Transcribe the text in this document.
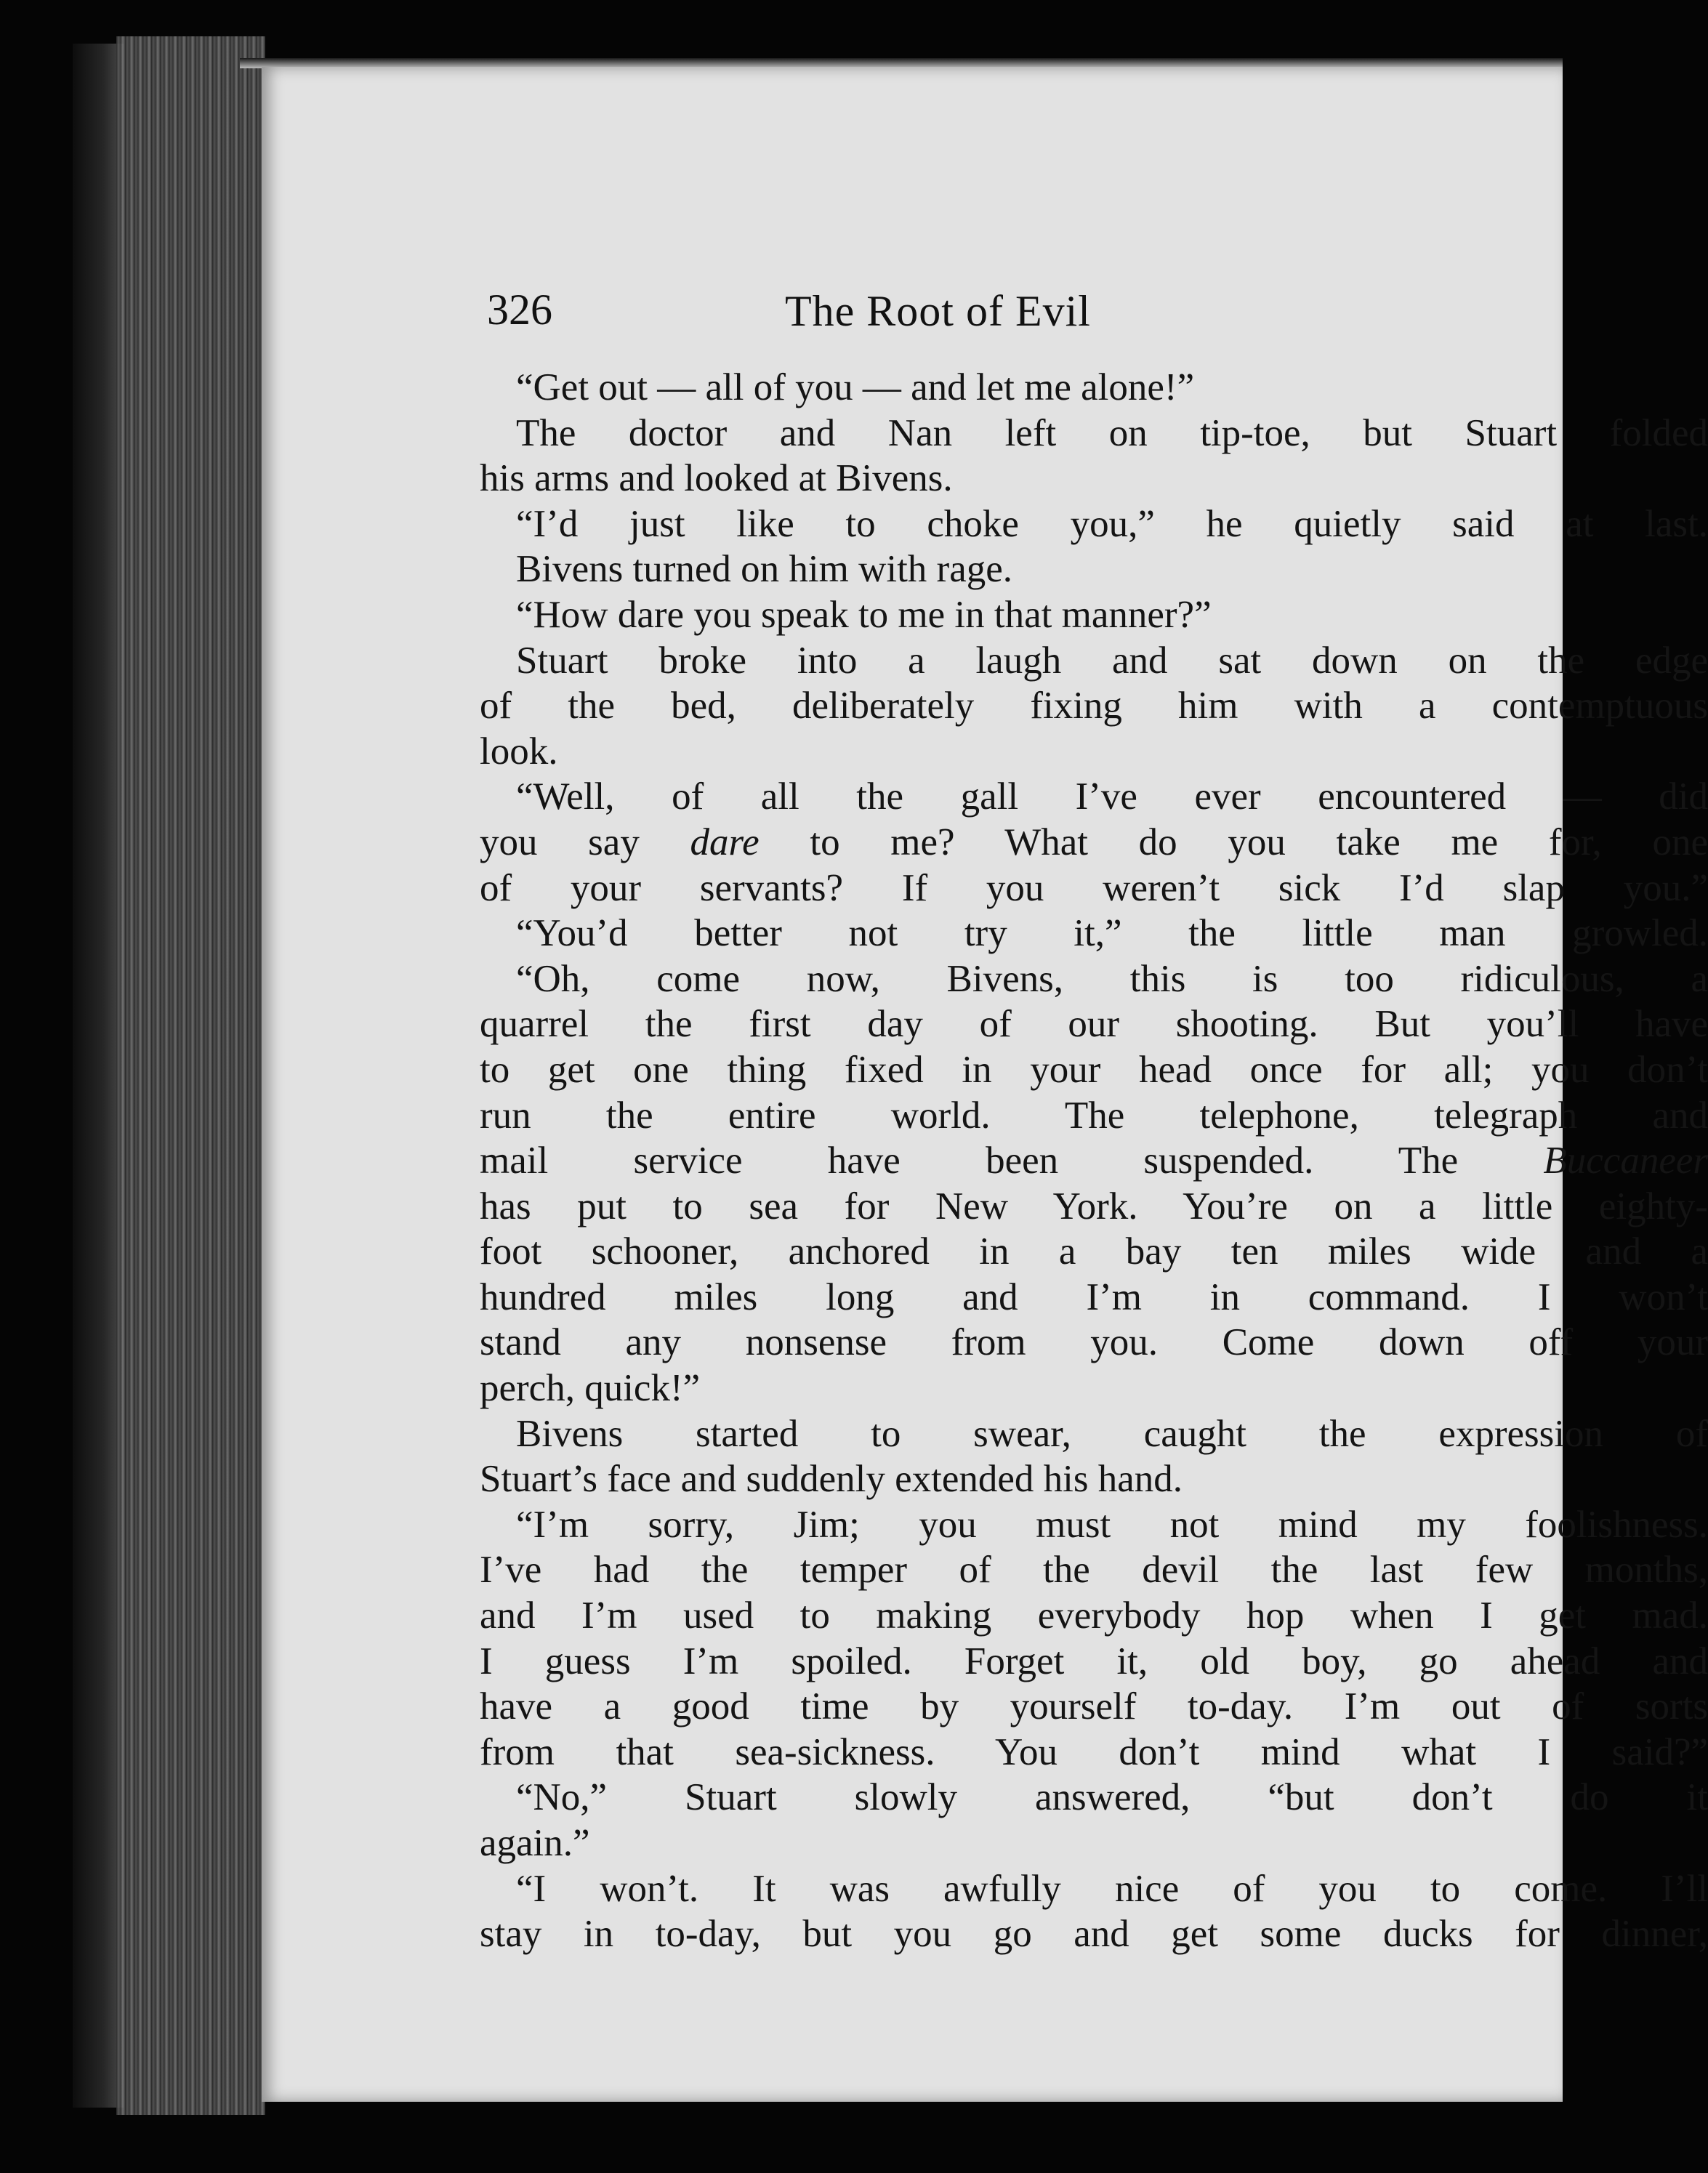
326	The Root of Evil
“Get out — all of you — and let me alone!”
The doctor and Nan left on tip-toe, but Stuart folded
his arms and looked at Bivens.
“I’d just like to choke you,” he quietly said at last.
Bivens turned on him with rage.
“How dare you speak to me in that manner?”
Stuart broke into a laugh and sat down on the edge
of the bed, deliberately fixing him with a contemptuous
look.
“Well, of all the gall I’ve ever encountered — did
you say dare to me? What do you take me for, one
of your servants? If you weren’t sick I’d slap you.”
“You’d better not try it,” the little man growled.
“Oh, come now, Bivens, this is too ridiculous, a
quarrel the first day of our shooting. But you’ll have
to get one thing fixed in your head once for all; you don’t
run the entire world. The telephone, telegraph and
mail service have been suspended. The Buccaneer
has put to sea for New York. You’re on a little eighty-
foot schooner, anchored in a bay ten miles wide and a
hundred miles long and I’m in command. I won’t
stand any nonsense from you. Come down off your
perch, quick!”
Bivens started to swear, caught the expression of
Stuart’s face and suddenly extended his hand.
“I’m sorry, Jim; you must not mind my foolishness.
I’ve had the temper of the devil the last few months,
and I’m used to making everybody hop when I get mad.
I guess I’m spoiled. Forget it, old boy, go ahead and
have a good time by yourself to-day. I’m out of sorts
from that sea-sickness. You don’t mind what I said?”
“No,” Stuart slowly answered, “but don’t do it
again.”
“I won’t. It was awfully nice of you to come. I’ll
stay in to-day, but you go and get some ducks for dinner,
